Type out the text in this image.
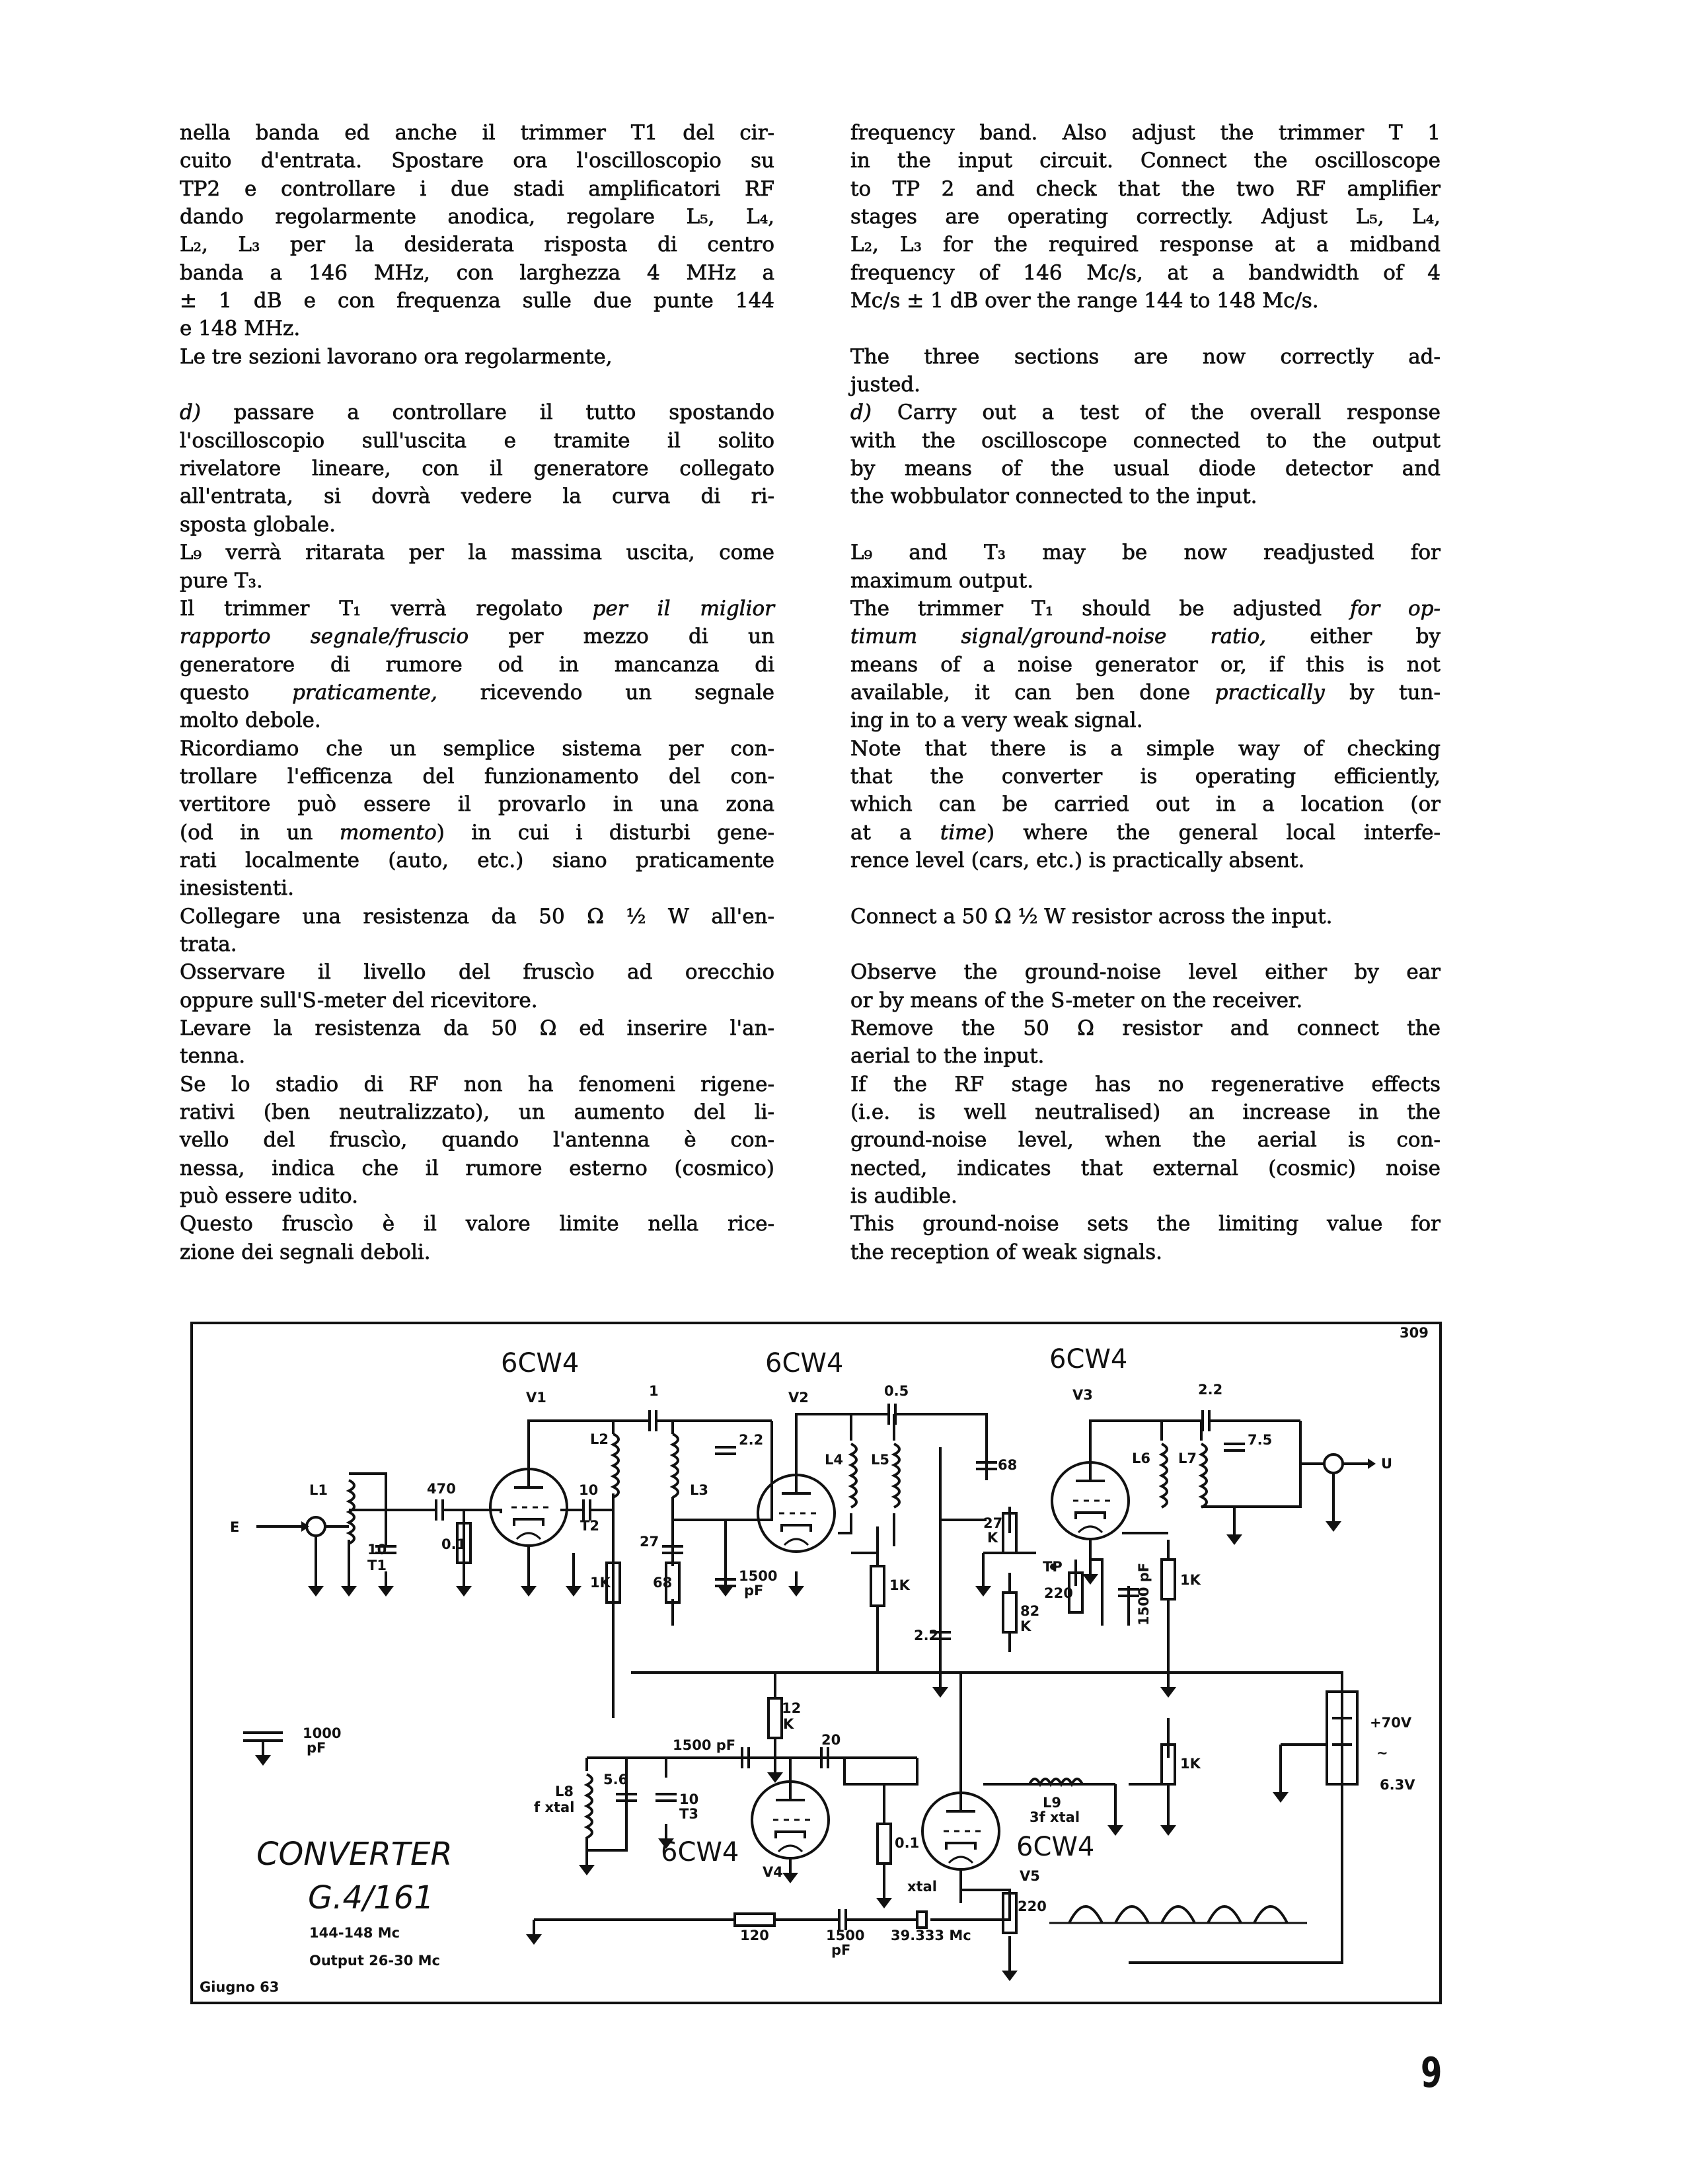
nella banda ed anche il trimmer T1 del cir-
cuito d'entrata. Spostare ora l'oscilloscopio su
TP2 e controllare i due stadi amplificatori RF
dando regolarmente anodica, regolare L₅, L₄,
L₂, L₃ per la desiderata risposta di centro
banda a 146 MHz, con larghezza 4 MHz a
± 1 dB e con frequenza sulle due punte 144
e 148 MHz.
Le tre sezioni lavorano ora regolarmente,
d) passare a controllare il tutto spostando
l'oscilloscopio sull'uscita e tramite il solito
rivelatore lineare, con il generatore collegato
all'entrata, si dovrà vedere la curva di ri-
sposta globale.
L₉ verrà ritarata per la massima uscita, come
pure T₃.
Il trimmer T₁ verrà regolato per il miglior
rapporto segnale/fruscio per mezzo di un
generatore di rumore od in mancanza di
questo praticamente, ricevendo un segnale
molto debole.
Ricordiamo che un semplice sistema per con-
trollare l'efficenza del funzionamento del con-
vertitore può essere il provarlo in una zona
(od in un momento) in cui i disturbi gene-
rati localmente (auto, etc.) siano praticamente
inesistenti.
Collegare una resistenza da 50 Ω ½ W all'en-
trata.
Osservare il livello del fruscìo ad orecchio
oppure sull'S-meter del ricevitore.
Levare la resistenza da 50 Ω ed inserire l'an-
tenna.
Se lo stadio di RF non ha fenomeni rigene-
rativi (ben neutralizzato), un aumento del li-
vello del fruscìo, quando l'antenna è con-
nessa, indica che il rumore esterno (cosmico)
può essere udito.
Questo fruscìo è il valore limite nella rice-
zione dei segnali deboli.
frequency band. Also adjust the trimmer T 1
in the input circuit. Connect the oscilloscope
to TP 2 and check that the two RF amplifier
stages are operating correctly. Adjust L₅, L₄,
L₂, L₃ for the required response at a midband
frequency of 146 Mc/s, at a bandwidth of 4
Mc/s ± 1 dB over the range 144 to 148 Mc/s.
The three sections are now correctly ad-
justed.
d) Carry out a test of the overall response
with the oscilloscope connected to the output
by means of the usual diode detector and
the wobbulator connected to the input.
L₉ and T₃ may be now readjusted for
maximum output.
The trimmer T₁ should be adjusted for op-
timum signal/ground-noise ratio, either by
means of a noise generator or, if this is not
available, it can ben done practically by tun-
ing in to a very weak signal.
Note that there is a simple way of checking
that the converter is operating efficiently,
which can be carried out in a location (or
at a time) where the general local interfe-
rence level (cars, etc.) is practically absent.
Connect a 50 Ω ½ W resistor across the input.
Observe the ground-noise level either by ear
or by means of the S-meter on the receiver.
Remove the 50 Ω resistor and connect the
aerial to the input.
If the RF stage has no regenerative effects
(i.e. is well neutralised) an increase in the
ground-noise level, when the aerial is con-
nected, indicates that external (cosmic) noise
is audible.
This ground-noise sets the limiting value for
the reception of weak signals.
309
6CW4
V1
6CW4
V2
6CW4
V3
6CW4
V4
6CW4
V5
E
L1	470
10
T1
0.1
1
L2	2.2
L3
10
T2
27
1K	68	1500
pF
0.5
L4 L5	68
1K
2.2
27
K
TP
220
82
K
1500 pF 1K
2.2
L6 L7
7.5
U
1000
pF
12
K
1500 pF	20
L8
f xtal
5.6
10
T3
0.1
L9
3f xtal
1K
+70V
~
6.3V
xtal
120	1500
pF
39.333 Mc
220
CONVERTER
G.4/161
144-148 Mc
Output 26-30 Mc
Giugno 63
9
